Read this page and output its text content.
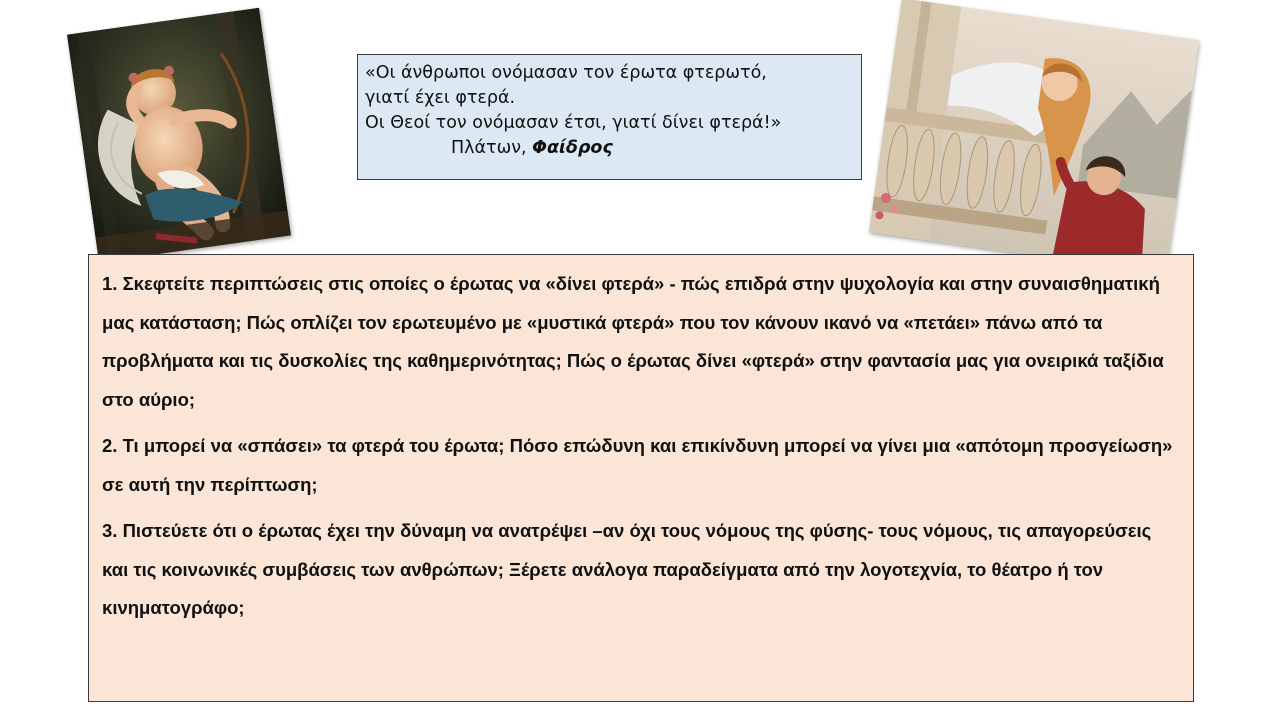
«Οι άνθρωποι ονόμασαν τον έρωτα φτερωτό,
γιατί έχει φτερά.
Οι Θεοί τον ονόμασαν έτσι, γιατί δίνει φτερά!»
Πλάτων, Φαίδρος

1. Σκεφτείτε περιπτώσεις στις οποίες ο έρωτας να «δίνει φτερά» - πώς επιδρά στην ψυχολογία και στην συναισθηματική μας κατάσταση; Πώς οπλίζει τον ερωτευμένο με «μυστικά φτερά» που τον κάνουν ικανό να «πετάει» πάνω από τα προβλήματα και τις δυσκολίες της καθημερινότητας; Πώς ο έρωτας δίνει «φτερά» στην φαντασία μας για ονειρικά ταξίδια στο αύριο;

2. Τι μπορεί να «σπάσει» τα φτερά του έρωτα; Πόσο επώδυνη και επικίνδυνη μπορεί να γίνει μια «απότομη προσγείωση» σε αυτή την περίπτωση;

3. Πιστεύετε ότι ο έρωτας έχει την δύναμη να ανατρέψει –αν όχι τους νόμους της φύσης- τους νόμους, τις απαγορεύσεις και τις κοινωνικές συμβάσεις των ανθρώπων; Ξέρετε ανάλογα παραδείγματα από την λογοτεχνία, το θέατρο ή τον κινηματογράφο;
